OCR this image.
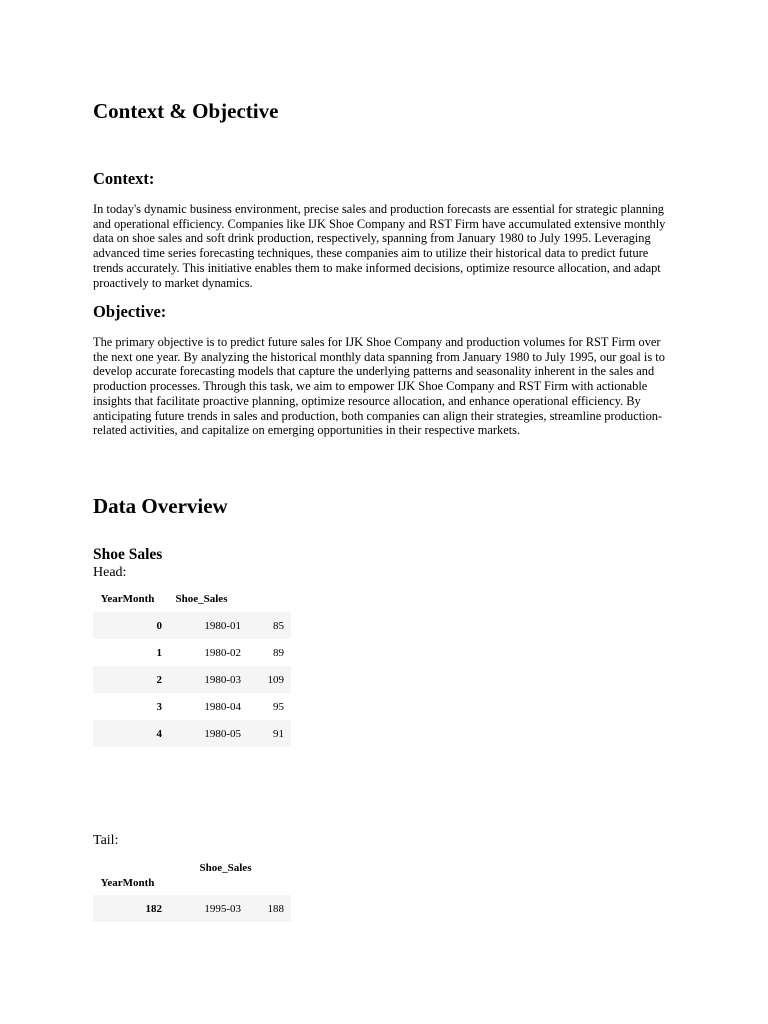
Context & Objective
Context:

In today's dynamic business environment, precise sales and production forecasts are essential for strategic planning and operational efficiency. Companies like IJK Shoe Company and RST Firm have accumulated extensive monthly data on shoe sales and soft drink production, respectively, spanning from January 1980 to July 1995. Leveraging advanced time series forecasting techniques, these companies aim to utilize their historical data to predict future trends accurately. This initiative enables them to make informed decisions, optimize resource allocation, and adapt proactively to market dynamics.

Objective:

The primary objective is to predict future sales for IJK Shoe Company and production volumes for RST Firm over the next one year. By analyzing the historical monthly data spanning from January 1980 to July 1995, our goal is to develop accurate forecasting models that capture the underlying patterns and seasonality inherent in the sales and production processes. Through this task, we aim to empower IJK Shoe Company and RST Firm with actionable insights that facilitate proactive planning, optimize resource allocation, and enhance operational efficiency. By anticipating future trends in sales and production, both companies can align their strategies, streamline production-related activities, and capitalize on emerging opportunities in their respective markets.

Data Overview
Shoe Sales
Head:
YearMonth	Shoe_Sales	
0	1980-01	85
1	1980-02	89
2	1980-03	109
3	1980-04	95
4	1980-05	91
Tail:
Shoe_Sales
YearMonth		
182	1995-03	188
